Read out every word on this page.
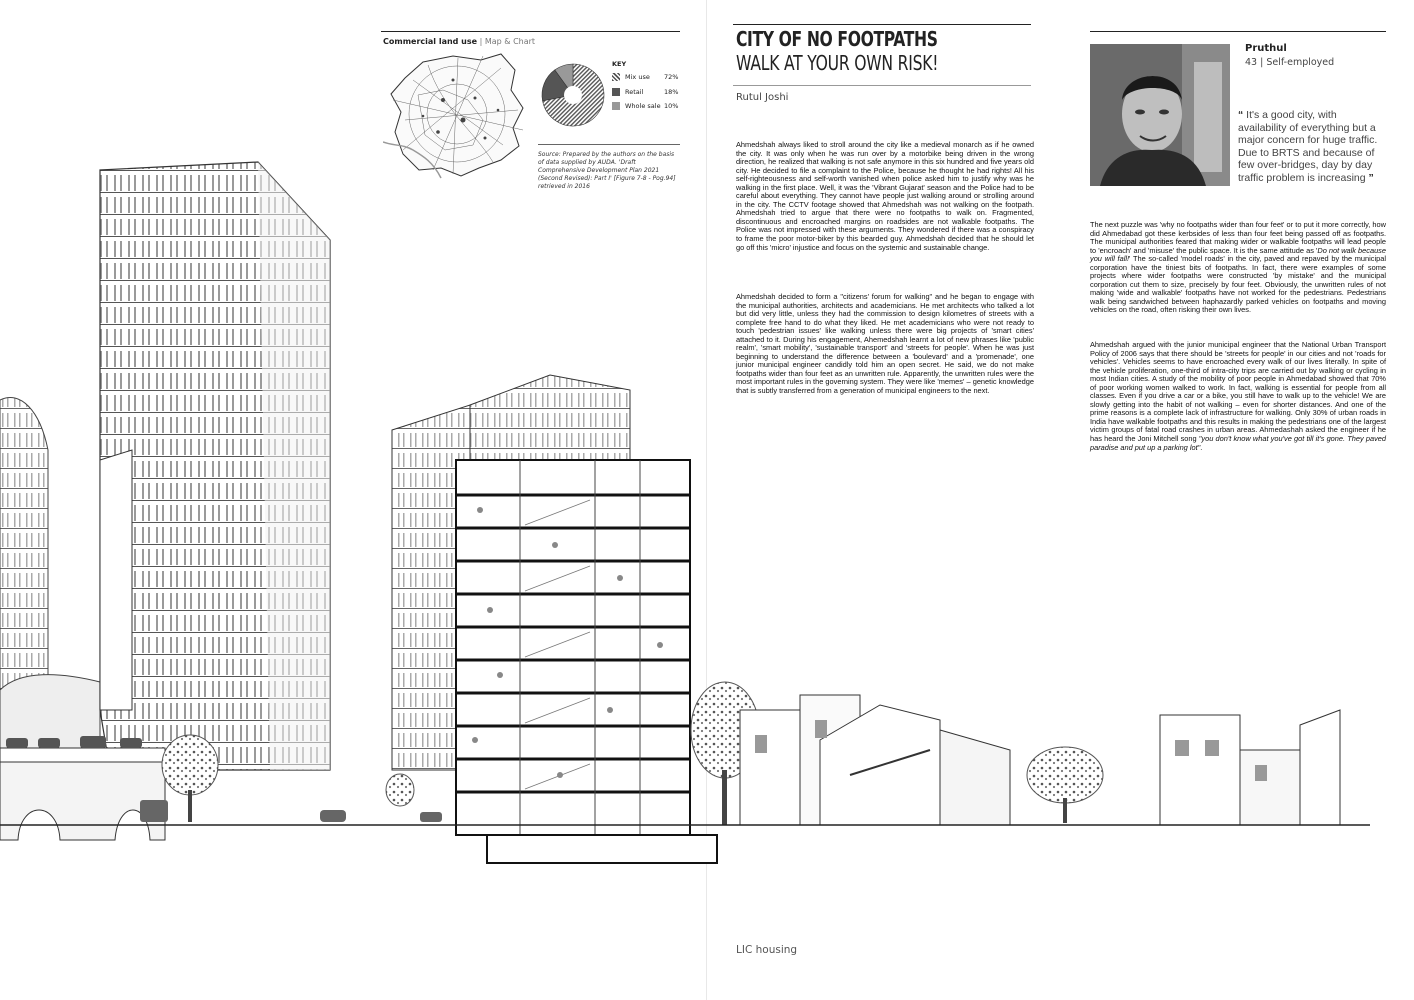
Commercial land use | Map & Chart
KEY
Mix use	72%
Retail	18%
Whole sale 10%
Source: Prepared by the authors on the basis of data supplied by AUDA. 'Draft Comprehensive Development Plan 2021 (Second Revised): Part I' [Figure 7-8 - Pog.94] retrieved in 2016
CITY OF NO FOOTPATHS
WALK AT YOUR OWN RISK!
Rutul Joshi
Ahmedshah always liked to stroll around the city like a medieval monarch as if he owned the city. It was only when he was run over by a motorbike being driven in the wrong direction, he realized that walking is not safe anymore in this six hundred and five years old city. He decided to file a complaint to the Police, because he thought he had rights! All his self-righteousness and self-worth vanished when police asked him to justify why was he walking in the first place. Well, it was the 'Vibrant Gujarat' season and the Police had to be careful about everything. They cannot have people just walking around or strolling around in the city. The CCTV footage showed that Ahmedshah was not walking on the footpath. Ahmedshah tried to argue that there were no footpaths to walk on. Fragmented, discontinuous and encroached margins on roadsides are not walkable footpaths. The Police was not impressed with these arguments. They wondered if there was a conspiracy to frame the poor motor-biker by this bearded guy. Ahmedshah decided that he should let go off this 'micro' injustice and focus on the systemic and sustainable change.
Ahmedshah decided to form a "citizens' forum for walking" and he began to engage with the municipal authorities, architects and academicians. He met architects who talked a lot but did very little, unless they had the commission to design kilometres of streets with a complete free hand to do what they liked. He met academicians who were not ready to touch 'pedestrian issues' like walking unless there were big projects of 'smart cities' attached to it. During his engagement, Ahemedshah learnt a lot of new phrases like 'public realm', 'smart mobility', 'sustainable transport' and 'streets for people'. When he was just beginning to understand the difference between a 'boulevard' and a 'promenade', one junior municipal engineer candidly told him an open secret. He said, we do not make footpaths wider than four feet as an unwritten rule. Apparently, the unwritten rules were the most important rules in the governing system. They were like 'memes' – genetic knowledge that is subtly transferred from a generation of municipal engineers to the next.
Pruthul
43 | Self-employed
“ It's a good city, with availability of everything but a major concern for huge traffic. Due to BRTS and because of few over-bridges, day by day traffic problem is increasing ”
The next puzzle was 'why no footpaths wider than four feet' or to put it more correctly, how did Ahmedabad got these kerbsides of less than four feet being passed off as footpaths. The municipal authorities feared that making wider or walkable footpaths will lead people to 'encroach' and 'misuse' the public space. It is the same attitude as 'Do not walk because you will fall!' The so-called 'model roads' in the city, paved and repaved by the municipal corporation have the tiniest bits of footpaths. In fact, there were examples of some projects where wider footpaths were constructed 'by mistake' and the municipal corporation cut them to size, precisely by four feet. Obviously, the unwritten rules of not making 'wide and walkable' footpaths have not worked for the pedestrians. Pedestrians walk being sandwiched between haphazardly parked vehicles on footpaths and moving vehicles on the road, often risking their own lives.
Ahmedshah argued with the junior municipal engineer that the National Urban Transport Policy of 2006 says that there should be 'streets for people' in our cities and not 'roads for vehicles'. Vehicles seems to have encroached every walk of our lives literally. In spite of the vehicle proliferation, one-third of intra-city trips are carried out by walking or cycling in most Indian cities. A study of the mobility of poor people in Ahmedabad showed that 70% of poor working women walked to work. In fact, walking is essential for people from all classes. Even if you drive a car or a bike, you still have to walk up to the vehicle! We are slowly getting into the habit of not walking – even for shorter distances. And one of the prime reasons is a complete lack of infrastructure for walking. Only 30% of urban roads in India have walkable footpaths and this results in making the pedestrians one of the largest victim groups of fatal road crashes in urban areas. Ahmedashah asked the engineer if he has heard the Joni Mitchell song "you don't know what you've got till it's gone. They paved paradise and put up a parking lot".
LIC housing
